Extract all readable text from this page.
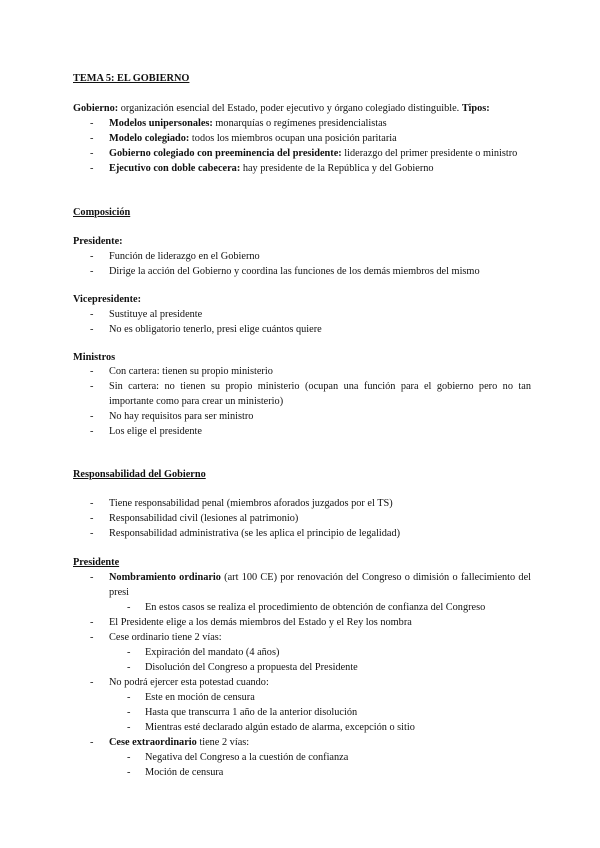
TEMA 5: EL GOBIERNO
Gobierno: organización esencial del Estado, poder ejecutivo y órgano colegiado distinguible. Tipos:
- Modelos unipersonales: monarquías o regímenes presidencialistas
- Modelo colegiado: todos los miembros ocupan una posición paritaria
- Gobierno colegiado con preeminencia del presidente: liderazgo del primer presidente o ministro
- Ejecutivo con doble cabecera: hay presidente de la República y del Gobierno
Composición
Presidente:
- Función de liderazgo en el Gobierno
- Dirige la acción del Gobierno y coordina las funciones de los demás miembros del mismo
Vicepresidente:
- Sustituye al presidente
- No es obligatorio tenerlo, presi elige cuántos quiere
Ministros
- Con cartera: tienen su propio ministerio
- Sin cartera: no tienen su propio ministerio (ocupan una función para el gobierno pero no tan importante como para crear un ministerio)
- No hay requisitos para ser ministro
- Los elige el presidente
Responsabilidad del Gobierno
- Tiene responsabilidad penal (miembros aforados juzgados por el TS)
- Responsabilidad civil (lesiones al patrimonio)
- Responsabilidad administrativa (se les aplica el principio de legalidad)
Presidente
- Nombramiento ordinario (art 100 CE) por renovación del Congreso o dimisión o fallecimiento del presi
- En estos casos se realiza el procedimiento de obtención de confianza del Congreso
- El Presidente elige a los demás miembros del Estado y el Rey los nombra
- Cese ordinario tiene 2 vías:
- Expiración del mandato (4 años)
- Disolución del Congreso a propuesta del Presidente
- No podrá ejercer esta potestad cuando:
- Este en moción de censura
- Hasta que transcurra 1 año de la anterior disolución
- Mientras esté declarado algún estado de alarma, excepción o sitio
- Cese extraordinario tiene 2 vías:
- Negativa del Congreso a la cuestión de confianza
- Moción de censura
